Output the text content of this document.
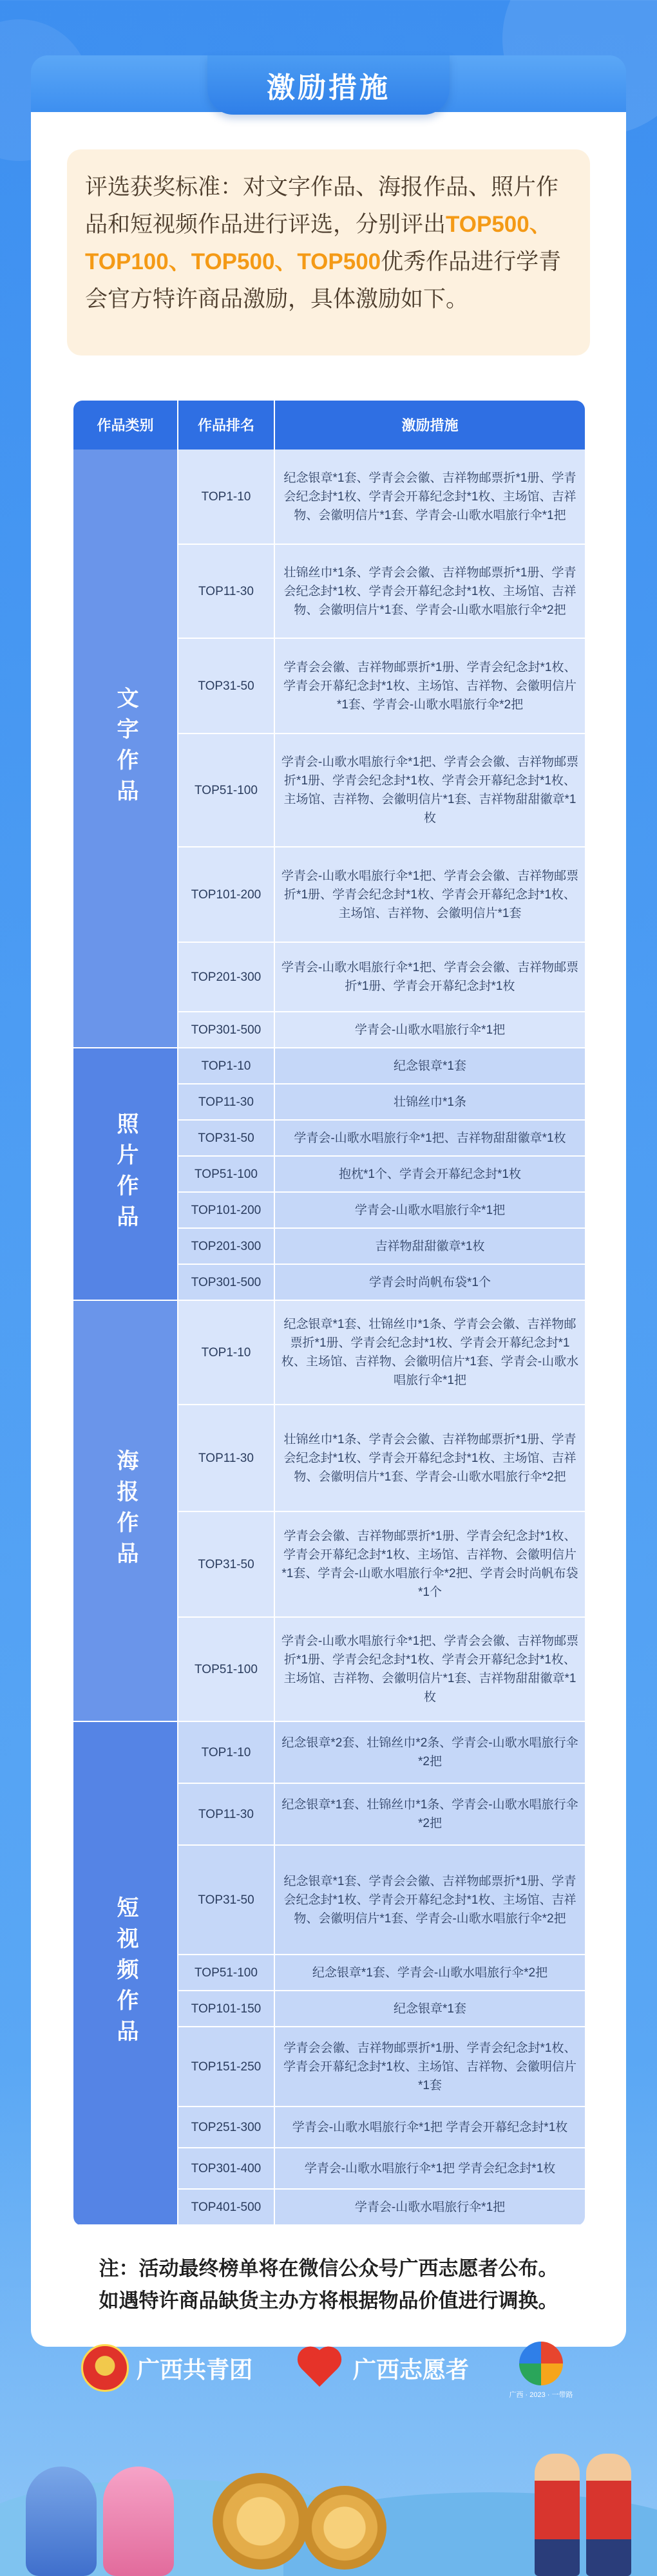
激励措施
评选获奖标准：对文字作品、海报作品、照片作品和短视频作品进行评选，分别评出TOP500、TOP100、TOP500、TOP500优秀作品进行学青会官方特许商品激励，具体激励如下。
作品类别	作品排名	激励措施

文字作品	TOP1-10	纪念银章*1套、学青会会徽、吉祥物邮票折*1册、学青会纪念封*1枚、学青会开幕纪念封*1枚、主场馆、吉祥物、会徽明信片*1套、学青会-山歌水唱旅行伞*1把
	TOP11-30	壮锦丝巾*1条、学青会会徽、吉祥物邮票折*1册、学青会纪念封*1枚、学青会开幕纪念封*1枚、主场馆、吉祥物、会徽明信片*1套、学青会-山歌水唱旅行伞*2把
	TOP31-50	学青会会徽、吉祥物邮票折*1册、学青会纪念封*1枚、学青会开幕纪念封*1枚、主场馆、吉祥物、会徽明信片*1套、学青会-山歌水唱旅行伞*2把
	TOP51-100	学青会-山歌水唱旅行伞*1把、学青会会徽、吉祥物邮票折*1册、学青会纪念封*1枚、学青会开幕纪念封*1枚、主场馆、吉祥物、会徽明信片*1套、吉祥物甜甜徽章*1枚
	TOP101-200	学青会-山歌水唱旅行伞*1把、学青会会徽、吉祥物邮票折*1册、学青会纪念封*1枚、学青会开幕纪念封*1枚、主场馆、吉祥物、会徽明信片*1套
	TOP201-300	学青会-山歌水唱旅行伞*1把、学青会会徽、吉祥物邮票折*1册、学青会开幕纪念封*1枚
	TOP301-500	学青会-山歌水唱旅行伞*1把

照片作品	TOP1-10	纪念银章*1套
	TOP11-30	壮锦丝巾*1条
	TOP31-50	学青会-山歌水唱旅行伞*1把、吉祥物甜甜徽章*1枚
	TOP51-100	抱枕*1个、学青会开幕纪念封*1枚
	TOP101-200	学青会-山歌水唱旅行伞*1把
	TOP201-300	吉祥物甜甜徽章*1枚
	TOP301-500	学青会时尚帆布袋*1个

海报作品	TOP1-10	纪念银章*1套、壮锦丝巾*1条、学青会会徽、吉祥物邮票折*1册、学青会纪念封*1枚、学青会开幕纪念封*1枚、主场馆、吉祥物、会徽明信片*1套、学青会-山歌水唱旅行伞*1把
	TOP11-30	壮锦丝巾*1条、学青会会徽、吉祥物邮票折*1册、学青会纪念封*1枚、学青会开幕纪念封*1枚、主场馆、吉祥物、会徽明信片*1套、学青会-山歌水唱旅行伞*2把
	TOP31-50	学青会会徽、吉祥物邮票折*1册、学青会纪念封*1枚、学青会开幕纪念封*1枚、主场馆、吉祥物、会徽明信片*1套、学青会-山歌水唱旅行伞*2把、学青会时尚帆布袋*1个
	TOP51-100	学青会-山歌水唱旅行伞*1把、学青会会徽、吉祥物邮票折*1册、学青会纪念封*1枚、学青会开幕纪念封*1枚、主场馆、吉祥物、会徽明信片*1套、吉祥物甜甜徽章*1枚

短视频作品	TOP1-10	纪念银章*2套、壮锦丝巾*2条、学青会-山歌水唱旅行伞*2把
	TOP11-30	纪念银章*1套、壮锦丝巾*1条、学青会-山歌水唱旅行伞*2把
	TOP31-50	纪念银章*1套、学青会会徽、吉祥物邮票折*1册、学青会纪念封*1枚、学青会开幕纪念封*1枚、主场馆、吉祥物、会徽明信片*1套、学青会-山歌水唱旅行伞*2把
	TOP51-100	纪念银章*1套、学青会-山歌水唱旅行伞*2把
	TOP101-150	纪念银章*1套
	TOP151-250	学青会会徽、吉祥物邮票折*1册、学青会纪念封*1枚、学青会开幕纪念封*1枚、主场馆、吉祥物、会徽明信片*1套
	TOP251-300	学青会-山歌水唱旅行伞*1把 学青会开幕纪念封*1枚
	TOP301-400	学青会-山歌水唱旅行伞*1把 学青会纪念封*1枚
	TOP401-500	学青会-山歌水唱旅行伞*1把
注：活动最终榜单将在微信公众号广西志愿者公布。
如遇特许商品缺货主办方将根据物品价值进行调换。
广西共青团	广西志愿者
广西 · 2023 · 一带路
